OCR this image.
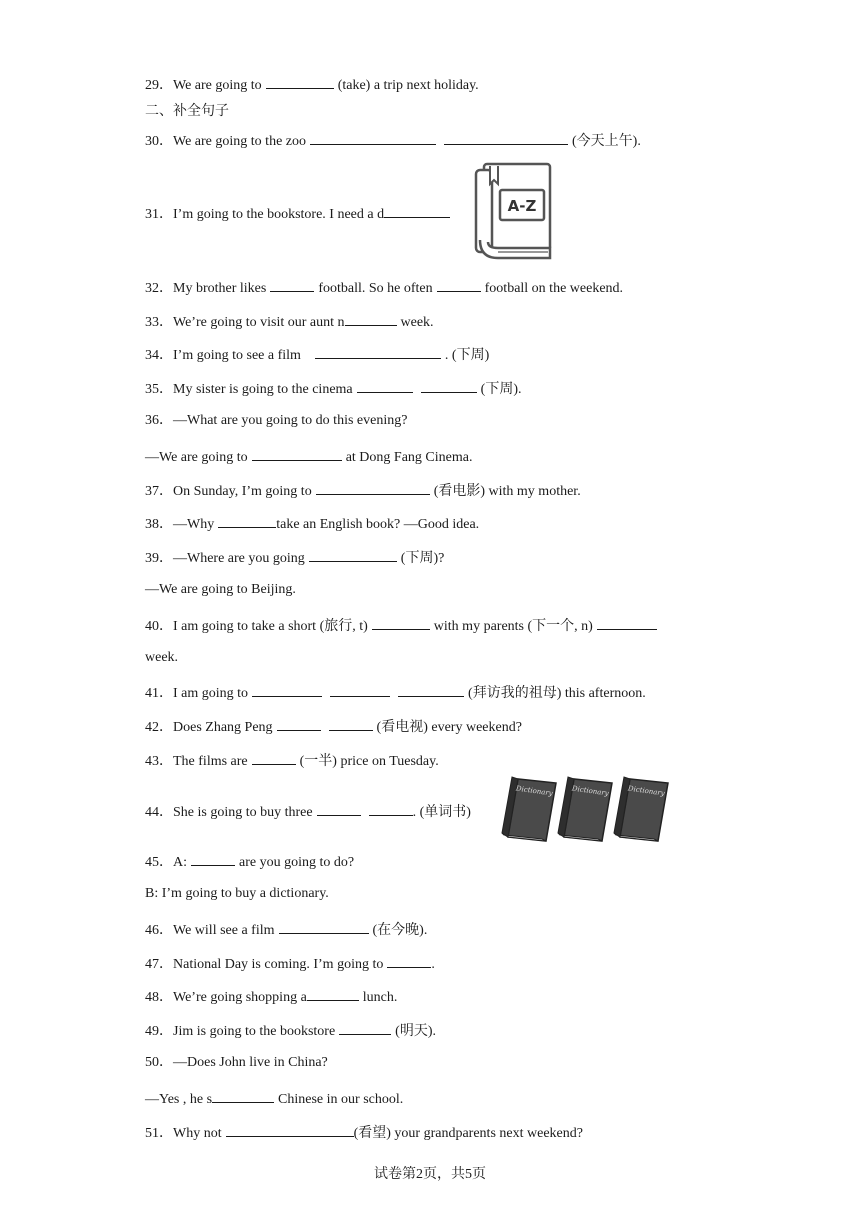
29．We are going to	(take) a trip next holiday.
二、补全句子
30．We are going to the zoo	(今天上午).
31．I’m going to the bookstore. I need a d	A-Z
32．My brother likes	football. So he often	football on the weekend.
33．We’re going to visit our aunt n	week.
34．I’m going to see a film	. (下周)
35．My sister is going to the cinema	(下周).
36．—What are you going to do this evening?
—We are going to	at Dong Fang Cinema.
37．On Sunday, I’m going to	(看电影) with my mother.
38．—Why	take an English book? —Good idea.
39．—Where are you going	(下周)?
—We are going to Beijing.
40．I am going to take a short (旅行, t)	with my parents (下一个, n)
week.
41．I am going to	(拜访我的祖母) this afternoon.
42．Does Zhang Peng	(看电视) every weekend?
43．The films are	(一半) price on Tuesday.
44．She is going to buy three	. (单词书)
Dictionary	Dictionary	Dictionary
45．A:	are you going to do?
B: I’m going to buy a dictionary.
46．We will see a film	(在今晚).
47．National Day is coming. I’m going to	.
48．We’re going shopping a	lunch.
49．Jim is going to the bookstore	(明天).
50．—Does John live in China?
—Yes , he s	Chinese in our school.
51．Why not	(看望) your grandparents next weekend?
试卷第2页，共5页
